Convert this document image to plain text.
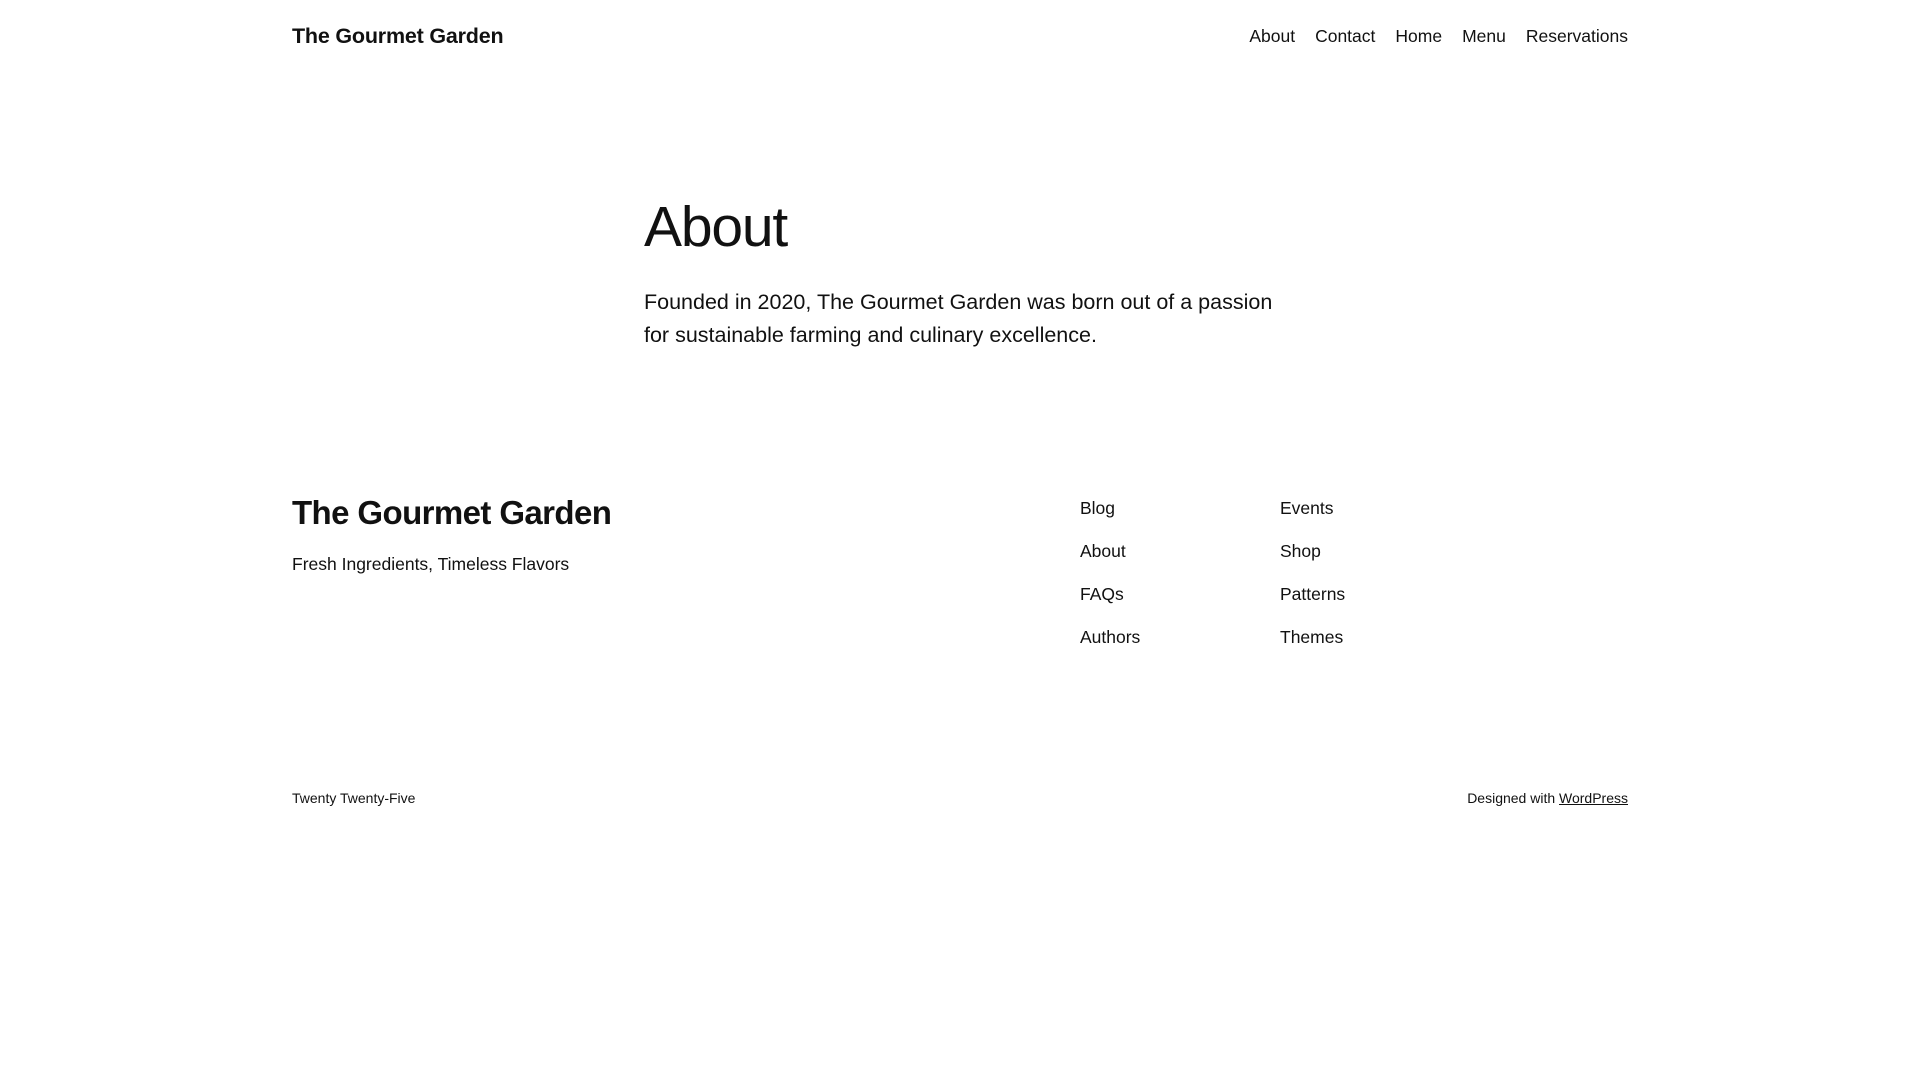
The Gourmet Garden	About Contact Home Menu Reservations
About

Founded in 2020, The Gourmet Garden was born out of a passion for sustainable farming and culinary excellence.

The Gourmet Garden

Fresh Ingredients, Timeless Flavors

Blog
About
FAQs
Authors
Events
Shop
Patterns
Themes
Twenty Twenty-Five	Designed with WordPress
